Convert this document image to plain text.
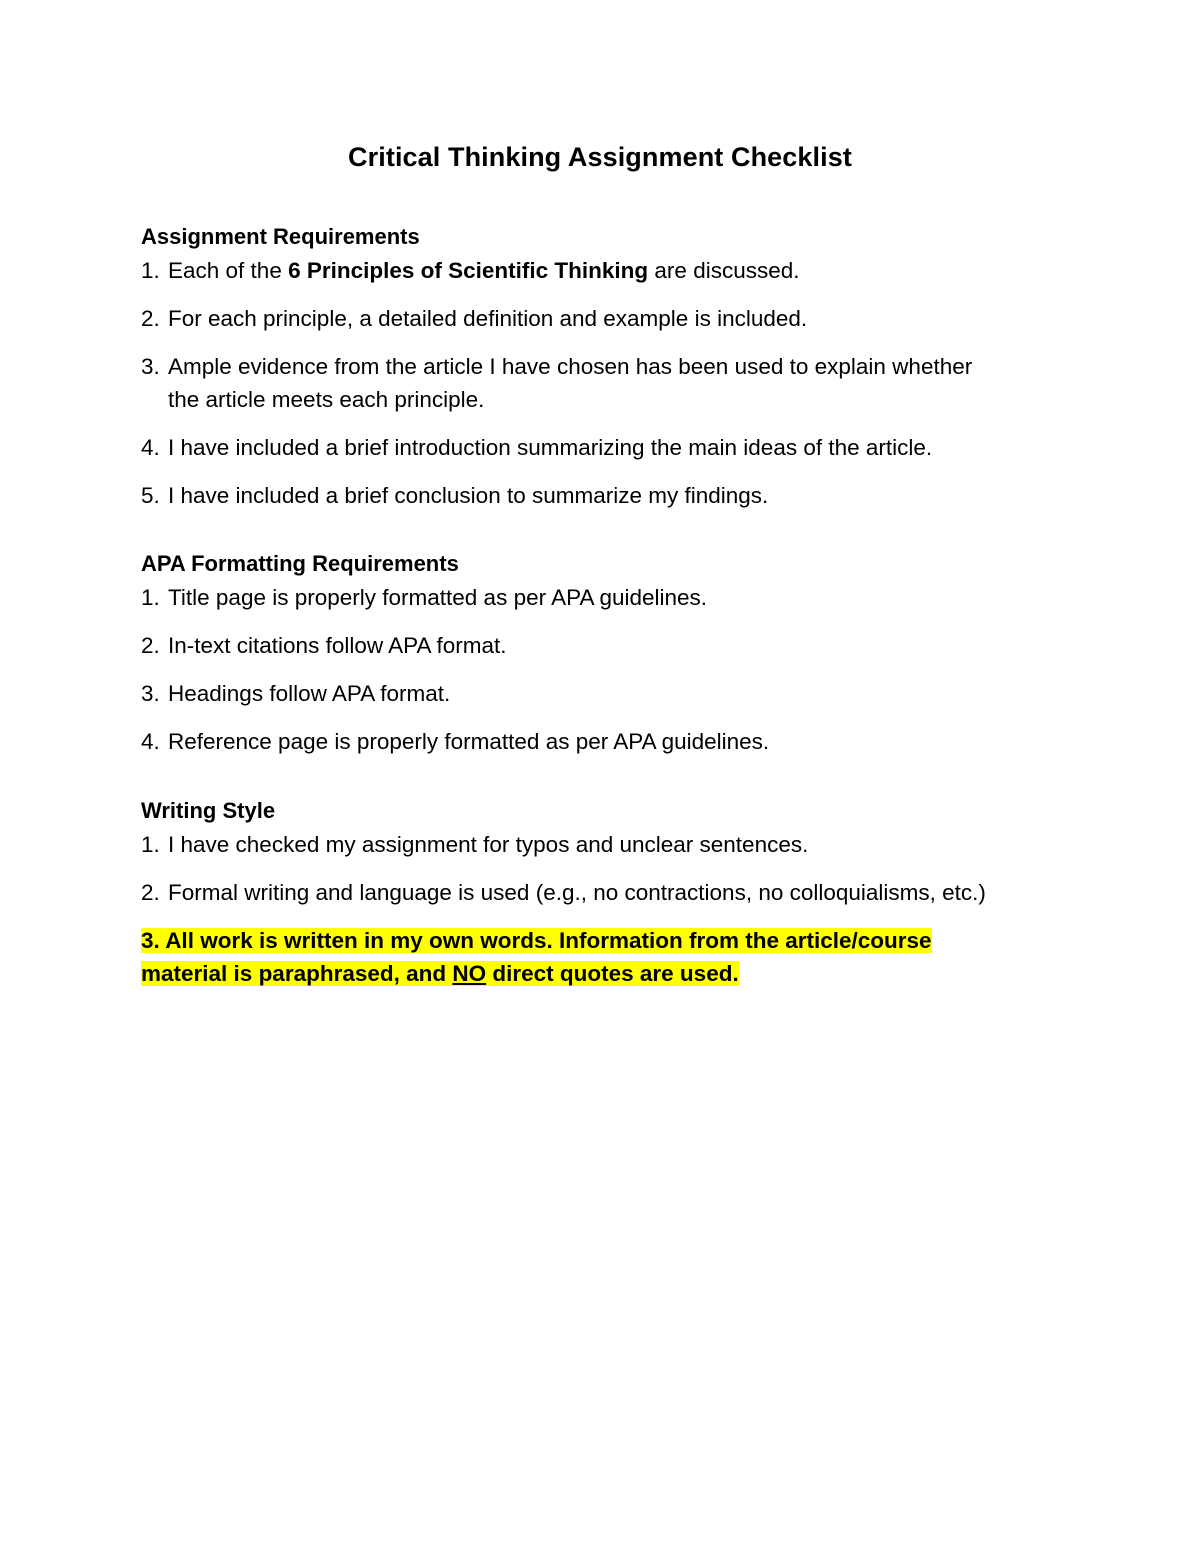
Critical Thinking Assignment Checklist
Assignment Requirements
1. Each of the 6 Principles of Scientific Thinking are discussed.
2. For each principle, a detailed definition and example is included.
3. Ample evidence from the article I have chosen has been used to explain whether the article meets each principle.
4. I have included a brief introduction summarizing the main ideas of the article.
5. I have included a brief conclusion to summarize my findings.
APA Formatting Requirements
1. Title page is properly formatted as per APA guidelines.
2. In-text citations follow APA format.
3. Headings follow APA format.
4. Reference page is properly formatted as per APA guidelines.
Writing Style
1. I have checked my assignment for typos and unclear sentences.
2. Formal writing and language is used (e.g., no contractions, no colloquialisms, etc.)
3. All work is written in my own words. Information from the article/course material is paraphrased, and NO direct quotes are used.
